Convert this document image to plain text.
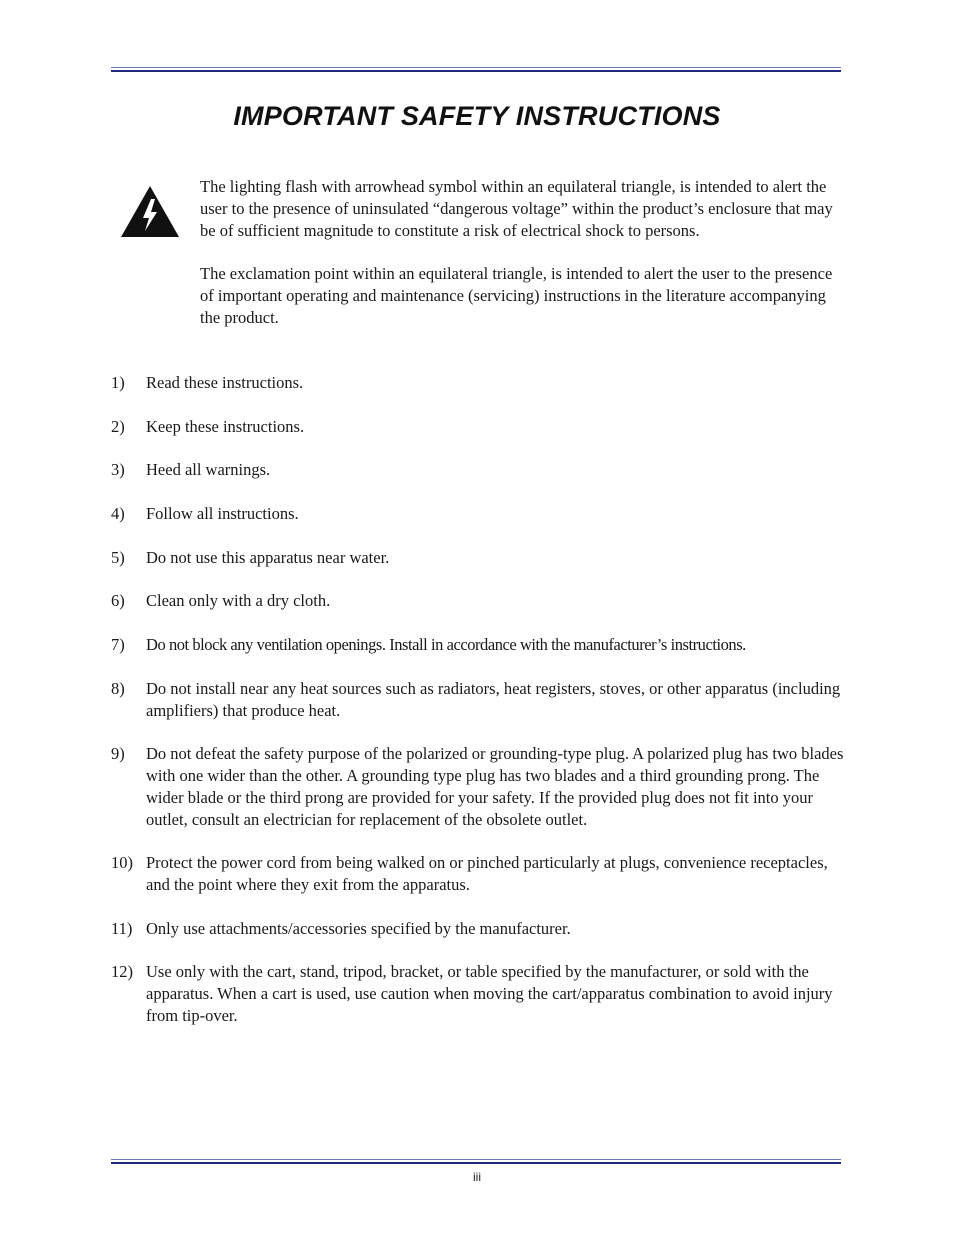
IMPORTANT SAFETY INSTRUCTIONS

The lighting flash with arrowhead symbol within an equilateral triangle, is intended to alert the user to the presence of uninsulated “dangerous voltage” within the product’s enclosure that may be of sufficient magnitude to constitute a risk of electrical shock to persons.

The exclamation point within an equilateral triangle, is intended to alert the user to the presence of important operating and maintenance (servicing) instructions in the literature accompanying the product.

1)	Read these instructions.
2)	Keep these instructions.
3)	Heed all warnings.
4)	Follow all instructions.
5)	Do not use this apparatus near water.
6)	Clean only with a dry cloth.
7)	Do not block any ventilation openings. Install in accordance with the manufacturer’s instructions.
8)	Do not install near any heat sources such as radiators, heat registers, stoves, or other apparatus (including amplifiers) that produce heat.
9)	Do not defeat the safety purpose of the polarized or grounding-type plug. A polarized plug has two blades with one wider than the other. A grounding type plug has two blades and a third grounding prong. The wider blade or the third prong are provided for your safety. If the provided plug does not fit into your outlet, consult an electrician for replacement of the obsolete outlet.
10) Protect the power cord from being walked on or pinched particularly at plugs, convenience receptacles, and the point where they exit from the apparatus.
11) Only use attachments/accessories specified by the manufacturer.
12) Use only with the cart, stand, tripod, bracket, or table specified by the manufacturer, or sold with the apparatus. When a cart is used, use caution when moving the cart/apparatus combination to avoid injury from tip-over.
iii
